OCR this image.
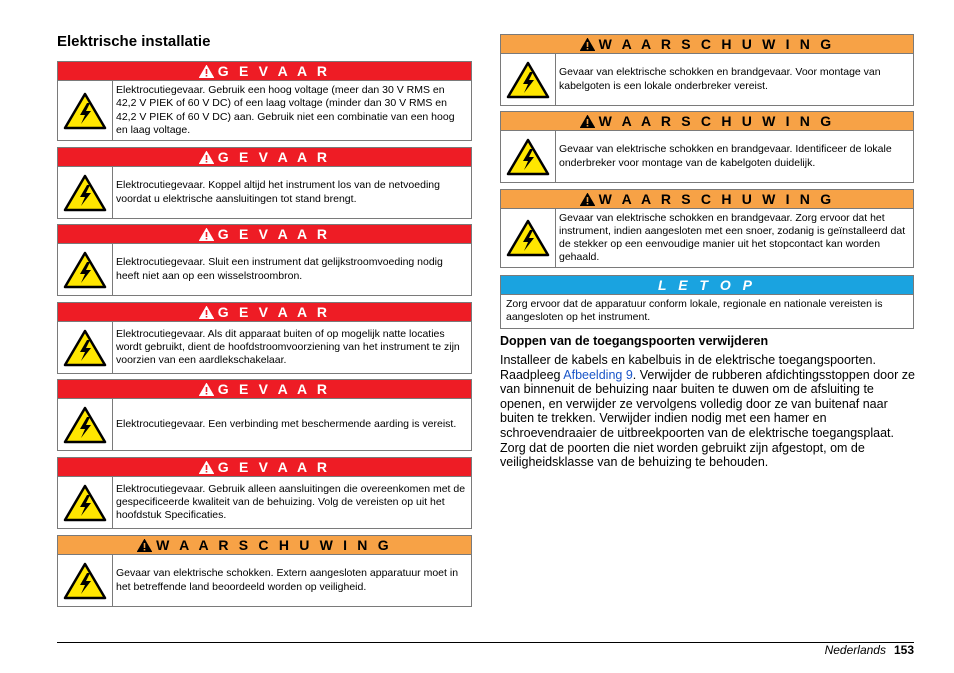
Elektrische installatie
G E V A A R
Elektrocutiegevaar. Gebruik een hoog voltage (meer dan 30 V RMS en 42,2 V PIEK of 60 V DC) of een laag voltage (minder dan 30 V RMS en 42,2 V PIEK of 60 V DC) aan. Gebruik niet een combinatie van een hoog en laag voltage.
G E V A A R
Elektrocutiegevaar. Koppel altijd het instrument los van de netvoeding voordat u elektrische aansluitingen tot stand brengt.
G E V A A R
Elektrocutiegevaar. Sluit een instrument dat gelijkstroomvoeding nodig heeft niet aan op een wisselstroombron.
G E V A A R
Elektrocutiegevaar. Als dit apparaat buiten of op mogelijk natte locaties wordt gebruikt, dient de hoofdstroomvoorziening van het instrument te zijn voorzien van een aardlekschakelaar.
G E V A A R
Elektrocutiegevaar. Een verbinding met beschermende aarding is vereist.
G E V A A R
Elektrocutiegevaar. Gebruik alleen aansluitingen die overeenkomen met de gespecificeerde kwaliteit van de behuizing. Volg de vereisten op uit het hoofdstuk Specificaties.
W A A R S C H U W I N G
Gevaar van elektrische schokken. Extern aangesloten apparatuur moet in het betreffende land beoordeeld worden op veiligheid.
W A A R S C H U W I N G
Gevaar van elektrische schokken en brandgevaar. Voor montage van kabelgoten is een lokale onderbreker vereist.
W A A R S C H U W I N G
Gevaar van elektrische schokken en brandgevaar. Identificeer de lokale onderbreker voor montage van de kabelgoten duidelijk.
W A A R S C H U W I N G
Gevaar van elektrische schokken en brandgevaar. Zorg ervoor dat het instrument, indien aangesloten met een snoer, zodanig is geïnstalleerd dat de stekker op een eenvoudige manier uit het stopcontact kan worden gehaald.
L E T O P
Zorg ervoor dat de apparatuur conform lokale, regionale en nationale vereisten is aangesloten op het instrument.
Doppen van de toegangspoorten verwijderen
Installeer de kabels en kabelbuis in de elektrische toegangspoorten. Raadpleeg Afbeelding 9. Verwijder de rubberen afdichtingsstoppen door ze van binnenuit de behuizing naar buiten te duwen om de afsluiting te openen, en verwijder ze vervolgens volledig door ze van buitenaf naar buiten te trekken. Verwijder indien nodig met een hamer en schroevendraaier de uitbreekpoorten van de elektrische toegangsplaat. Zorg dat de poorten die niet worden gebruikt zijn afgestopt, om de veiligheidsklasse van de behuizing te behouden.
Nederlands 153
